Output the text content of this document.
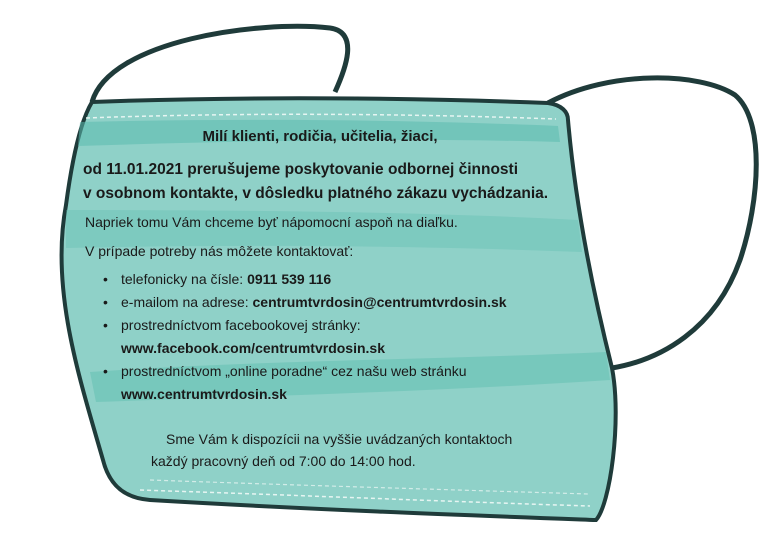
Milí klienti, rodičia, učitelia, žiaci,

od 11.01.2021 prerušujeme poskytovanie odbornej činnosti

v osobnom kontakte, v dôsledku platného zákazu vychádzania.

Napriek tomu Vám chceme byť nápomocní aspoň na diaľku.

V prípade potreby nás môžete kontaktovať:

• telefonicky na čísle: 0911 539 116
• e-mailom na adrese: centrumtvrdosin@centrumtvrdosin.sk
• prostredníctvom facebookovej stránky:
www.facebook.com/centrumtvrdosin.sk
• prostredníctvom „online poradne“ cez našu web stránku
www.centrumtvrdosin.sk

Sme Vám k dispozícii na vyššie uvádzaných kontaktoch

každý pracovný deň od 7:00 do 14:00 hod.
